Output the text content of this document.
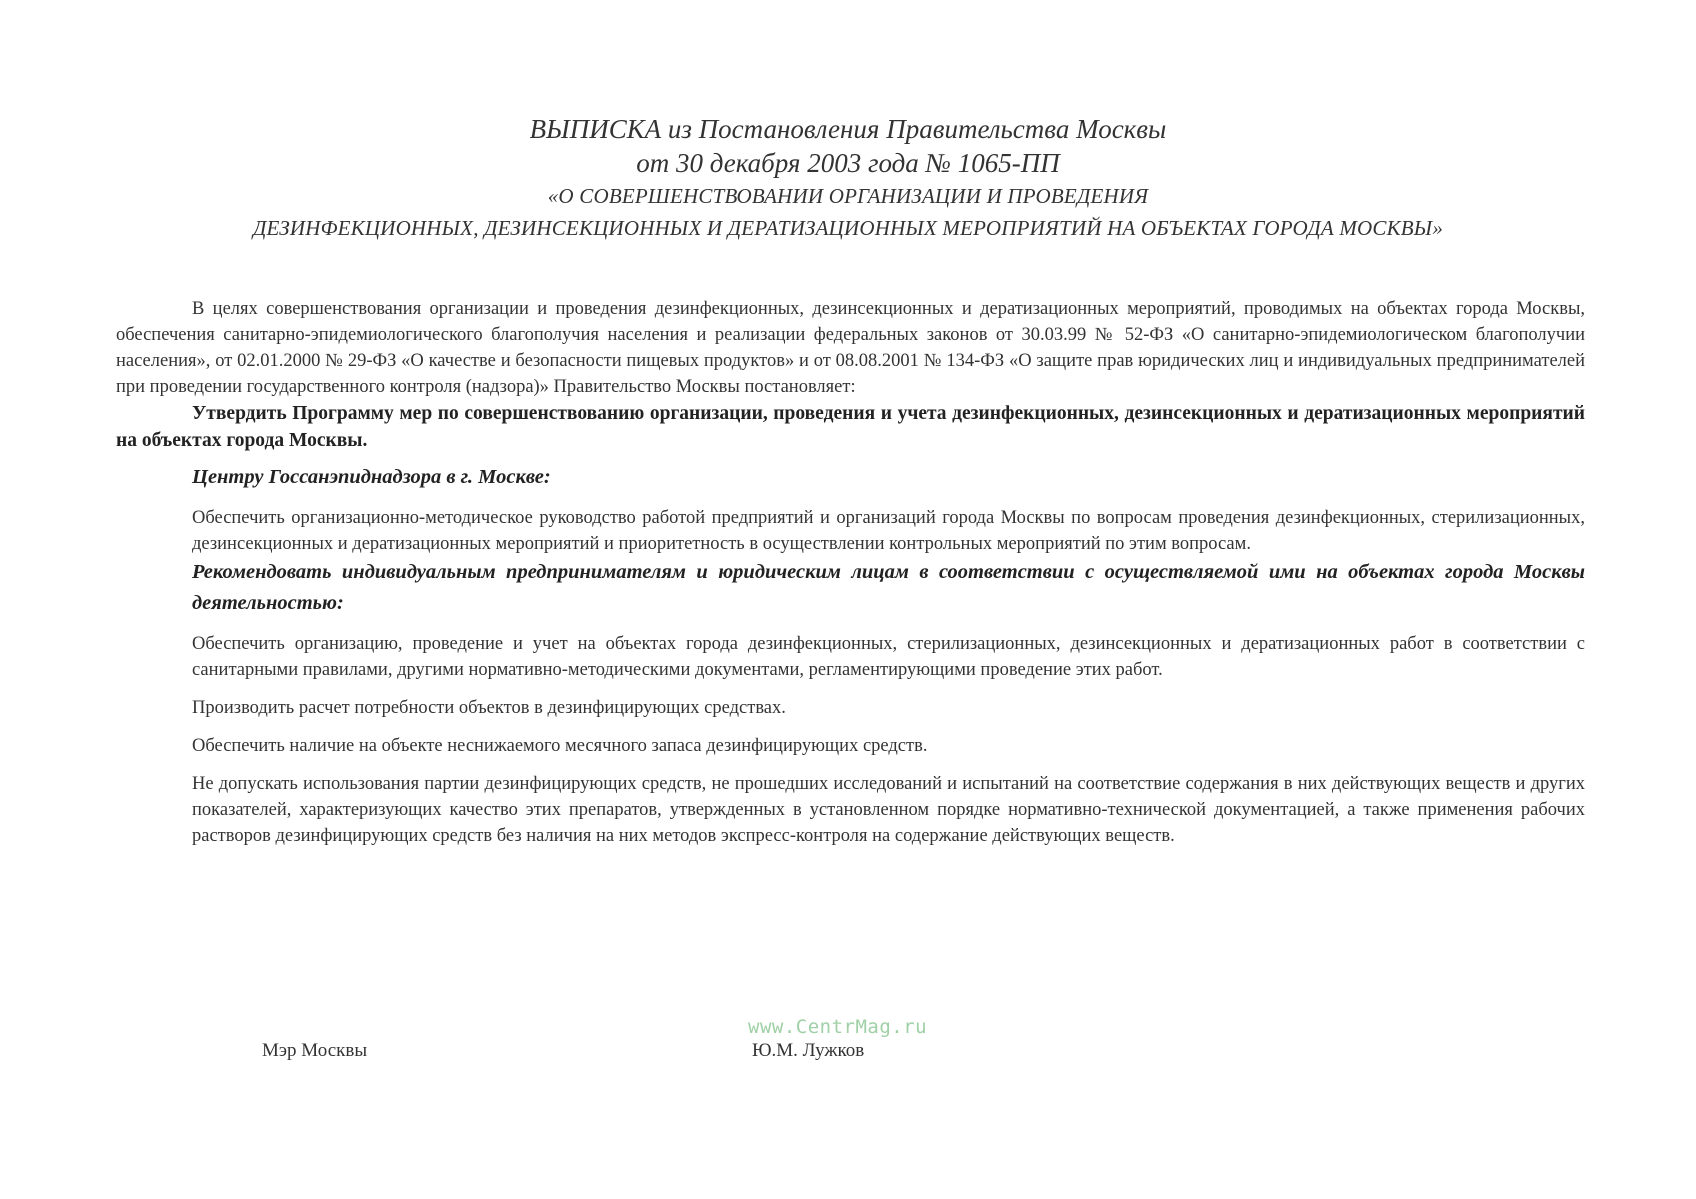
ВЫПИСКА из Постановления Правительства Москвы
от 30 декабря 2003 года № 1065-ПП
«О СОВЕРШЕНСТВОВАНИИ ОРГАНИЗАЦИИ И ПРОВЕДЕНИЯ
ДЕЗИНФЕКЦИОННЫХ, ДЕЗИНСЕКЦИОННЫХ И ДЕРАТИЗАЦИОННЫХ МЕРОПРИЯТИЙ НА ОБЪЕКТАХ ГОРОДА МОСКВЫ»
В целях совершенствования организации и проведения дезинфекционных, дезинсекционных и дератизационных мероприятий, проводимых на объектах города Москвы, обеспечения санитарно-эпидемиологического благополучия населения и реализации федеральных законов от 30.03.99 № 52-ФЗ «О санитарно-эпидемиологическом благополучии населения», от 02.01.2000 № 29-ФЗ «О качестве и безопасности пищевых продуктов» и от 08.08.2001 № 134-ФЗ «О защите прав юридических лиц и индивидуальных предпринимателей при проведении государственного контроля (надзора)» Правительство Москвы постановляет:
Утвердить Программу мер по совершенствованию организации, проведения и учета дезинфекционных, дезинсекционных и дератизационных мероприятий на объектах города Москвы.
Центру Госсанэпиднадзора в г. Москве:
Обеспечить организационно-методическое руководство работой предприятий и организаций города Москвы по вопросам проведения дезинфекционных, стерилизационных, дезинсекционных и дератизационных мероприятий и приоритетность в осуществлении контрольных мероприятий по этим вопросам.
Рекомендовать индивидуальным предпринимателям и юридическим лицам в соответствии с осуществляемой ими на объектах города Москвы деятельностью:
Обеспечить организацию, проведение и учет на объектах города дезинфекционных, стерилизационных, дезинсекционных и дератизационных работ в соответствии с санитарными правилами, другими нормативно-методическими документами, регламентирующими проведение этих работ.
Производить расчет потребности объектов в дезинфицирующих средствах.
Обеспечить наличие на объекте неснижаемого месячного запаса дезинфицирующих средств.
Не допускать использования партии дезинфицирующих средств, не прошедших исследований и испытаний на соответствие содержания в них действующих веществ и других показателей, характеризующих качество этих препаратов, утвержденных в установленном порядке нормативно-технической документацией, а также применения рабочих растворов дезинфицирующих средств без наличия на них методов экспресс-контроля на содержание действующих веществ.
www.CentrMag.ru
Мэр Москвы	Ю.М. Лужков
